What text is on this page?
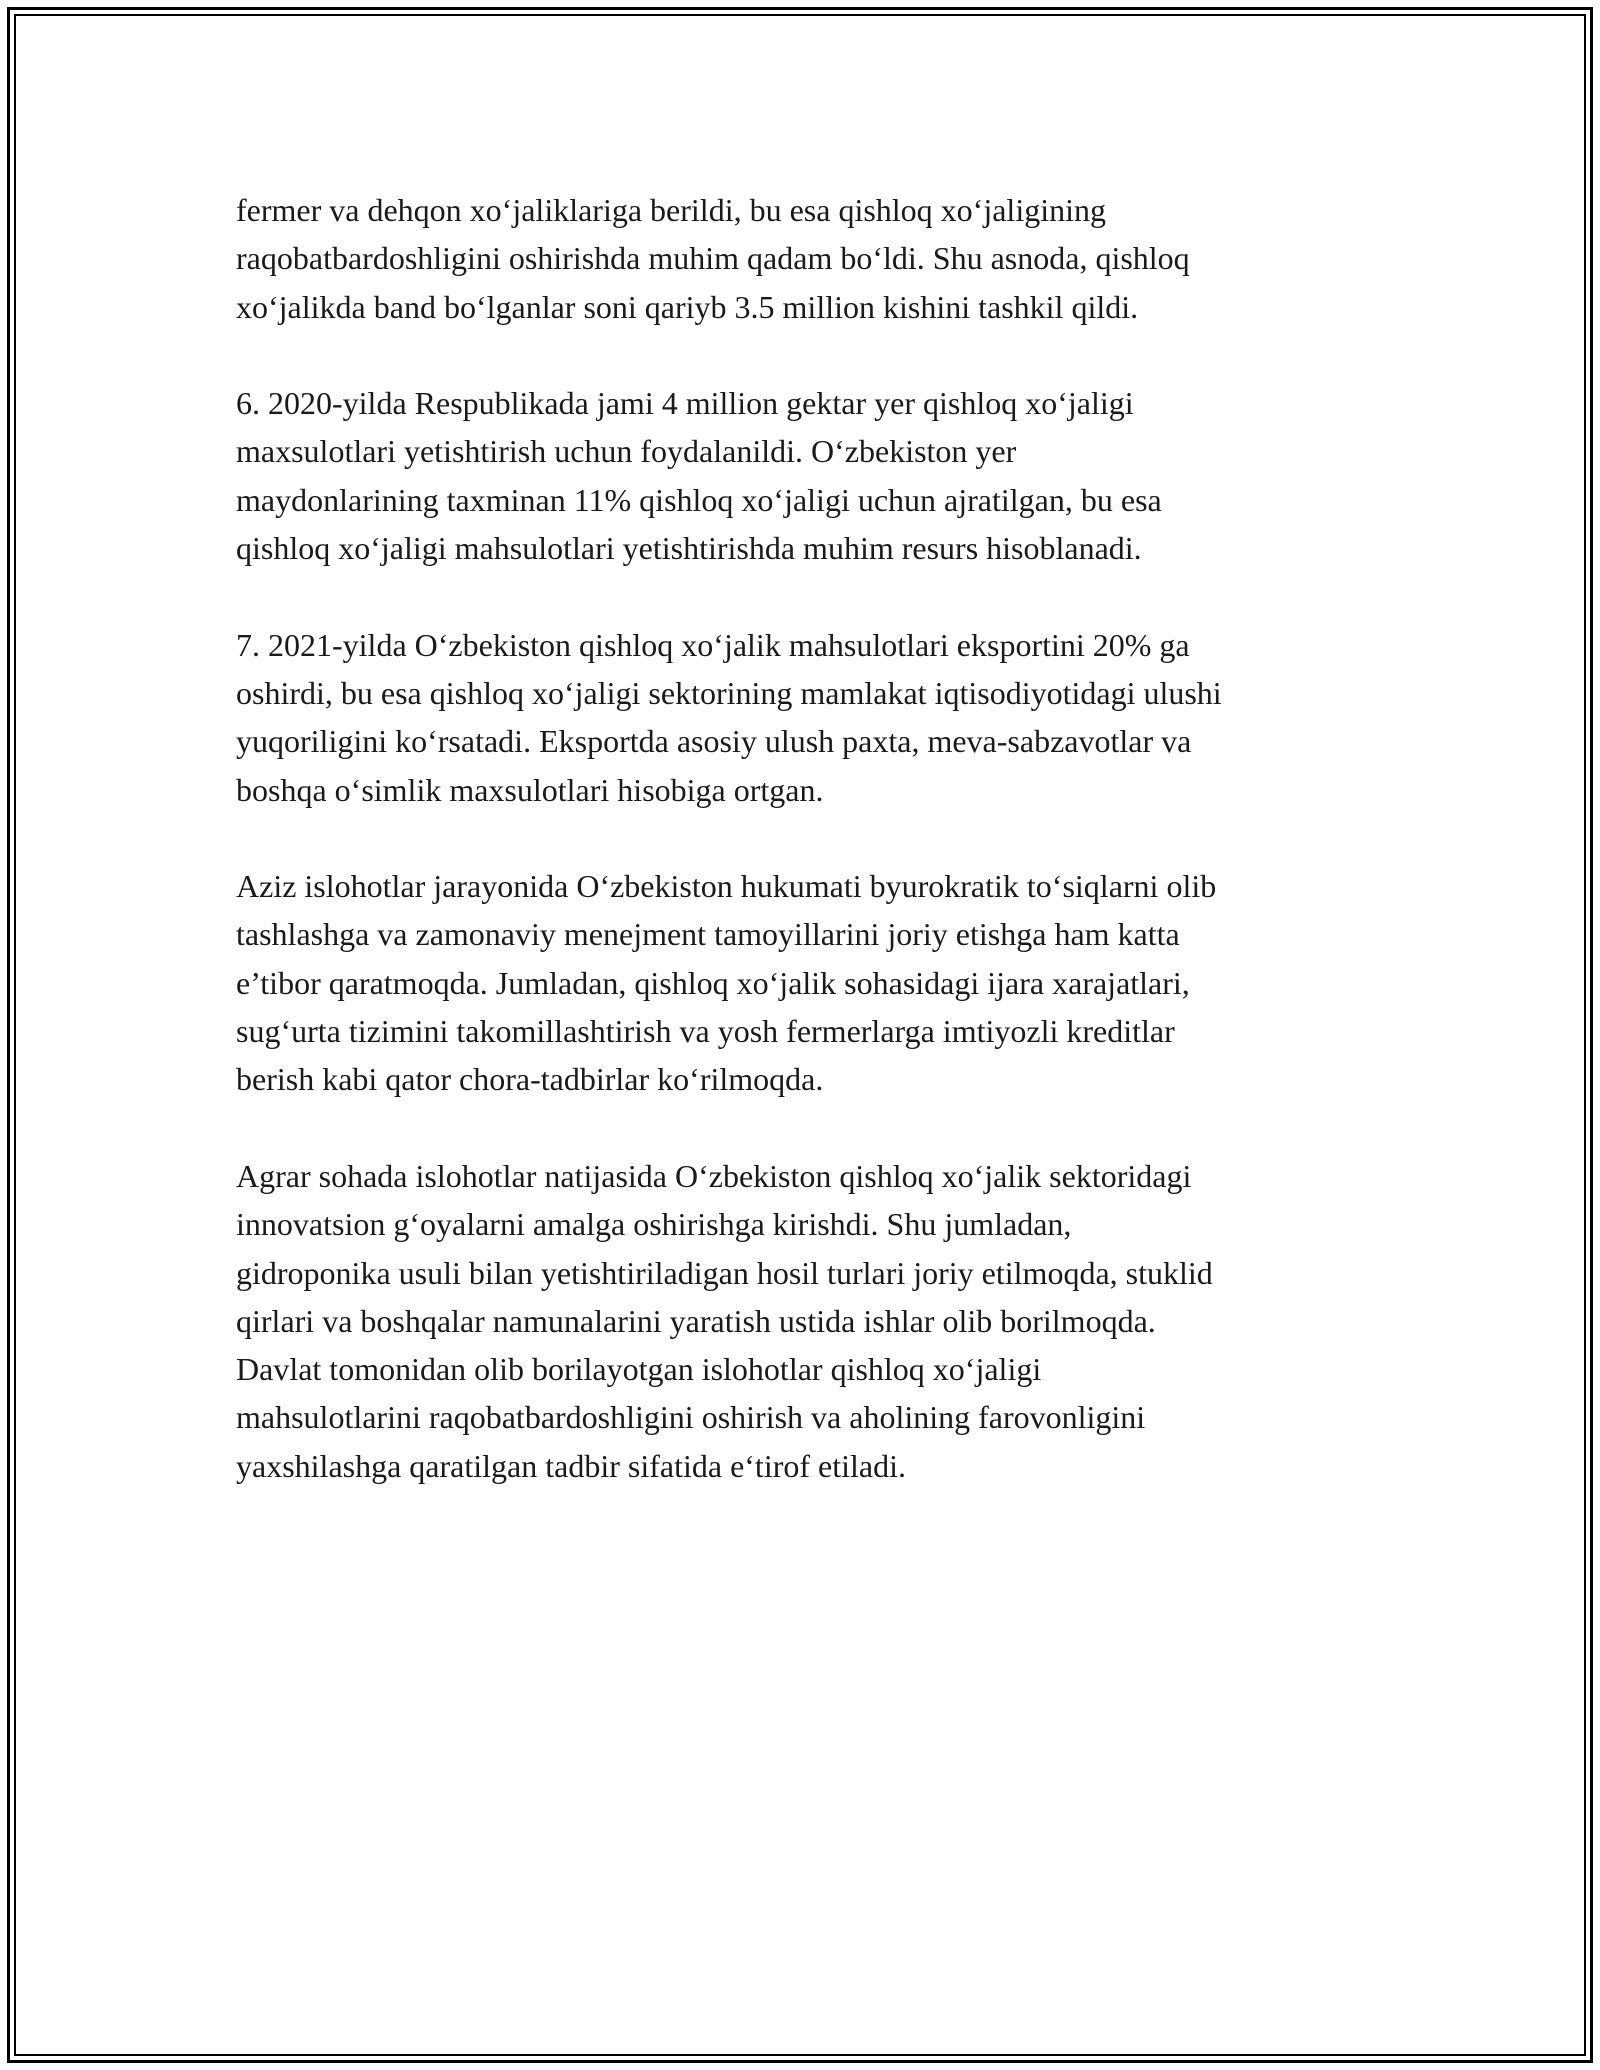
fermer va dehqon xoʻjaliklariga berildi, bu esa qishloq xoʻjaligining
raqobatbardoshligini oshirishda muhim qadam boʻldi. Shu asnoda, qishloq
xoʻjalikda band boʻlganlar soni qariyb 3.5 million kishini tashkil qildi.

6. 2020-yilda Respublikada jami 4 million gektar yer qishloq xoʻjaligi
maxsulotlari yetishtirish uchun foydalanildi. Oʻzbekiston yer
maydonlarining taxminan 11% qishloq xoʻjaligi uchun ajratilgan, bu esa
qishloq xoʻjaligi mahsulotlari yetishtirishda muhim resurs hisoblanadi.

7. 2021-yilda Oʻzbekiston qishloq xoʻjalik mahsulotlari eksportini 20% ga
oshirdi, bu esa qishloq xoʻjaligi sektorining mamlakat iqtisodiyotidagi ulushi
yuqoriligini koʻrsatadi. Eksportda asosiy ulush paxta, meva-sabzavotlar va
boshqa oʻsimlik maxsulotlari hisobiga ortgan.

Aziz islohotlar jarayonida Oʻzbekiston hukumati byurokratik toʻsiqlarni olib
tashlashga va zamonaviy menejment tamoyillarini joriy etishga ham katta
e’tibor qaratmoqda. Jumladan, qishloq xoʻjalik sohasidagi ijara xarajatlari,
sugʻurta tizimini takomillashtirish va yosh fermerlarga imtiyozli kreditlar
berish kabi qator chora-tadbirlar koʻrilmoqda.

Agrar sohada islohotlar natijasida Oʻzbekiston qishloq xoʻjalik sektoridagi
innovatsion gʻoyalarni amalga oshirishga kirishdi. Shu jumladan,
gidroponika usuli bilan yetishtiriladigan hosil turlari joriy etilmoqda, stuklid
qirlari va boshqalar namunalarini yaratish ustida ishlar olib borilmoqda.
Davlat tomonidan olib borilayotgan islohotlar qishloq xoʻjaligi
mahsulotlarini raqobatbardoshligini oshirish va aholining farovonligini
yaxshilashga qaratilgan tadbir sifatida eʻtirof etiladi.
